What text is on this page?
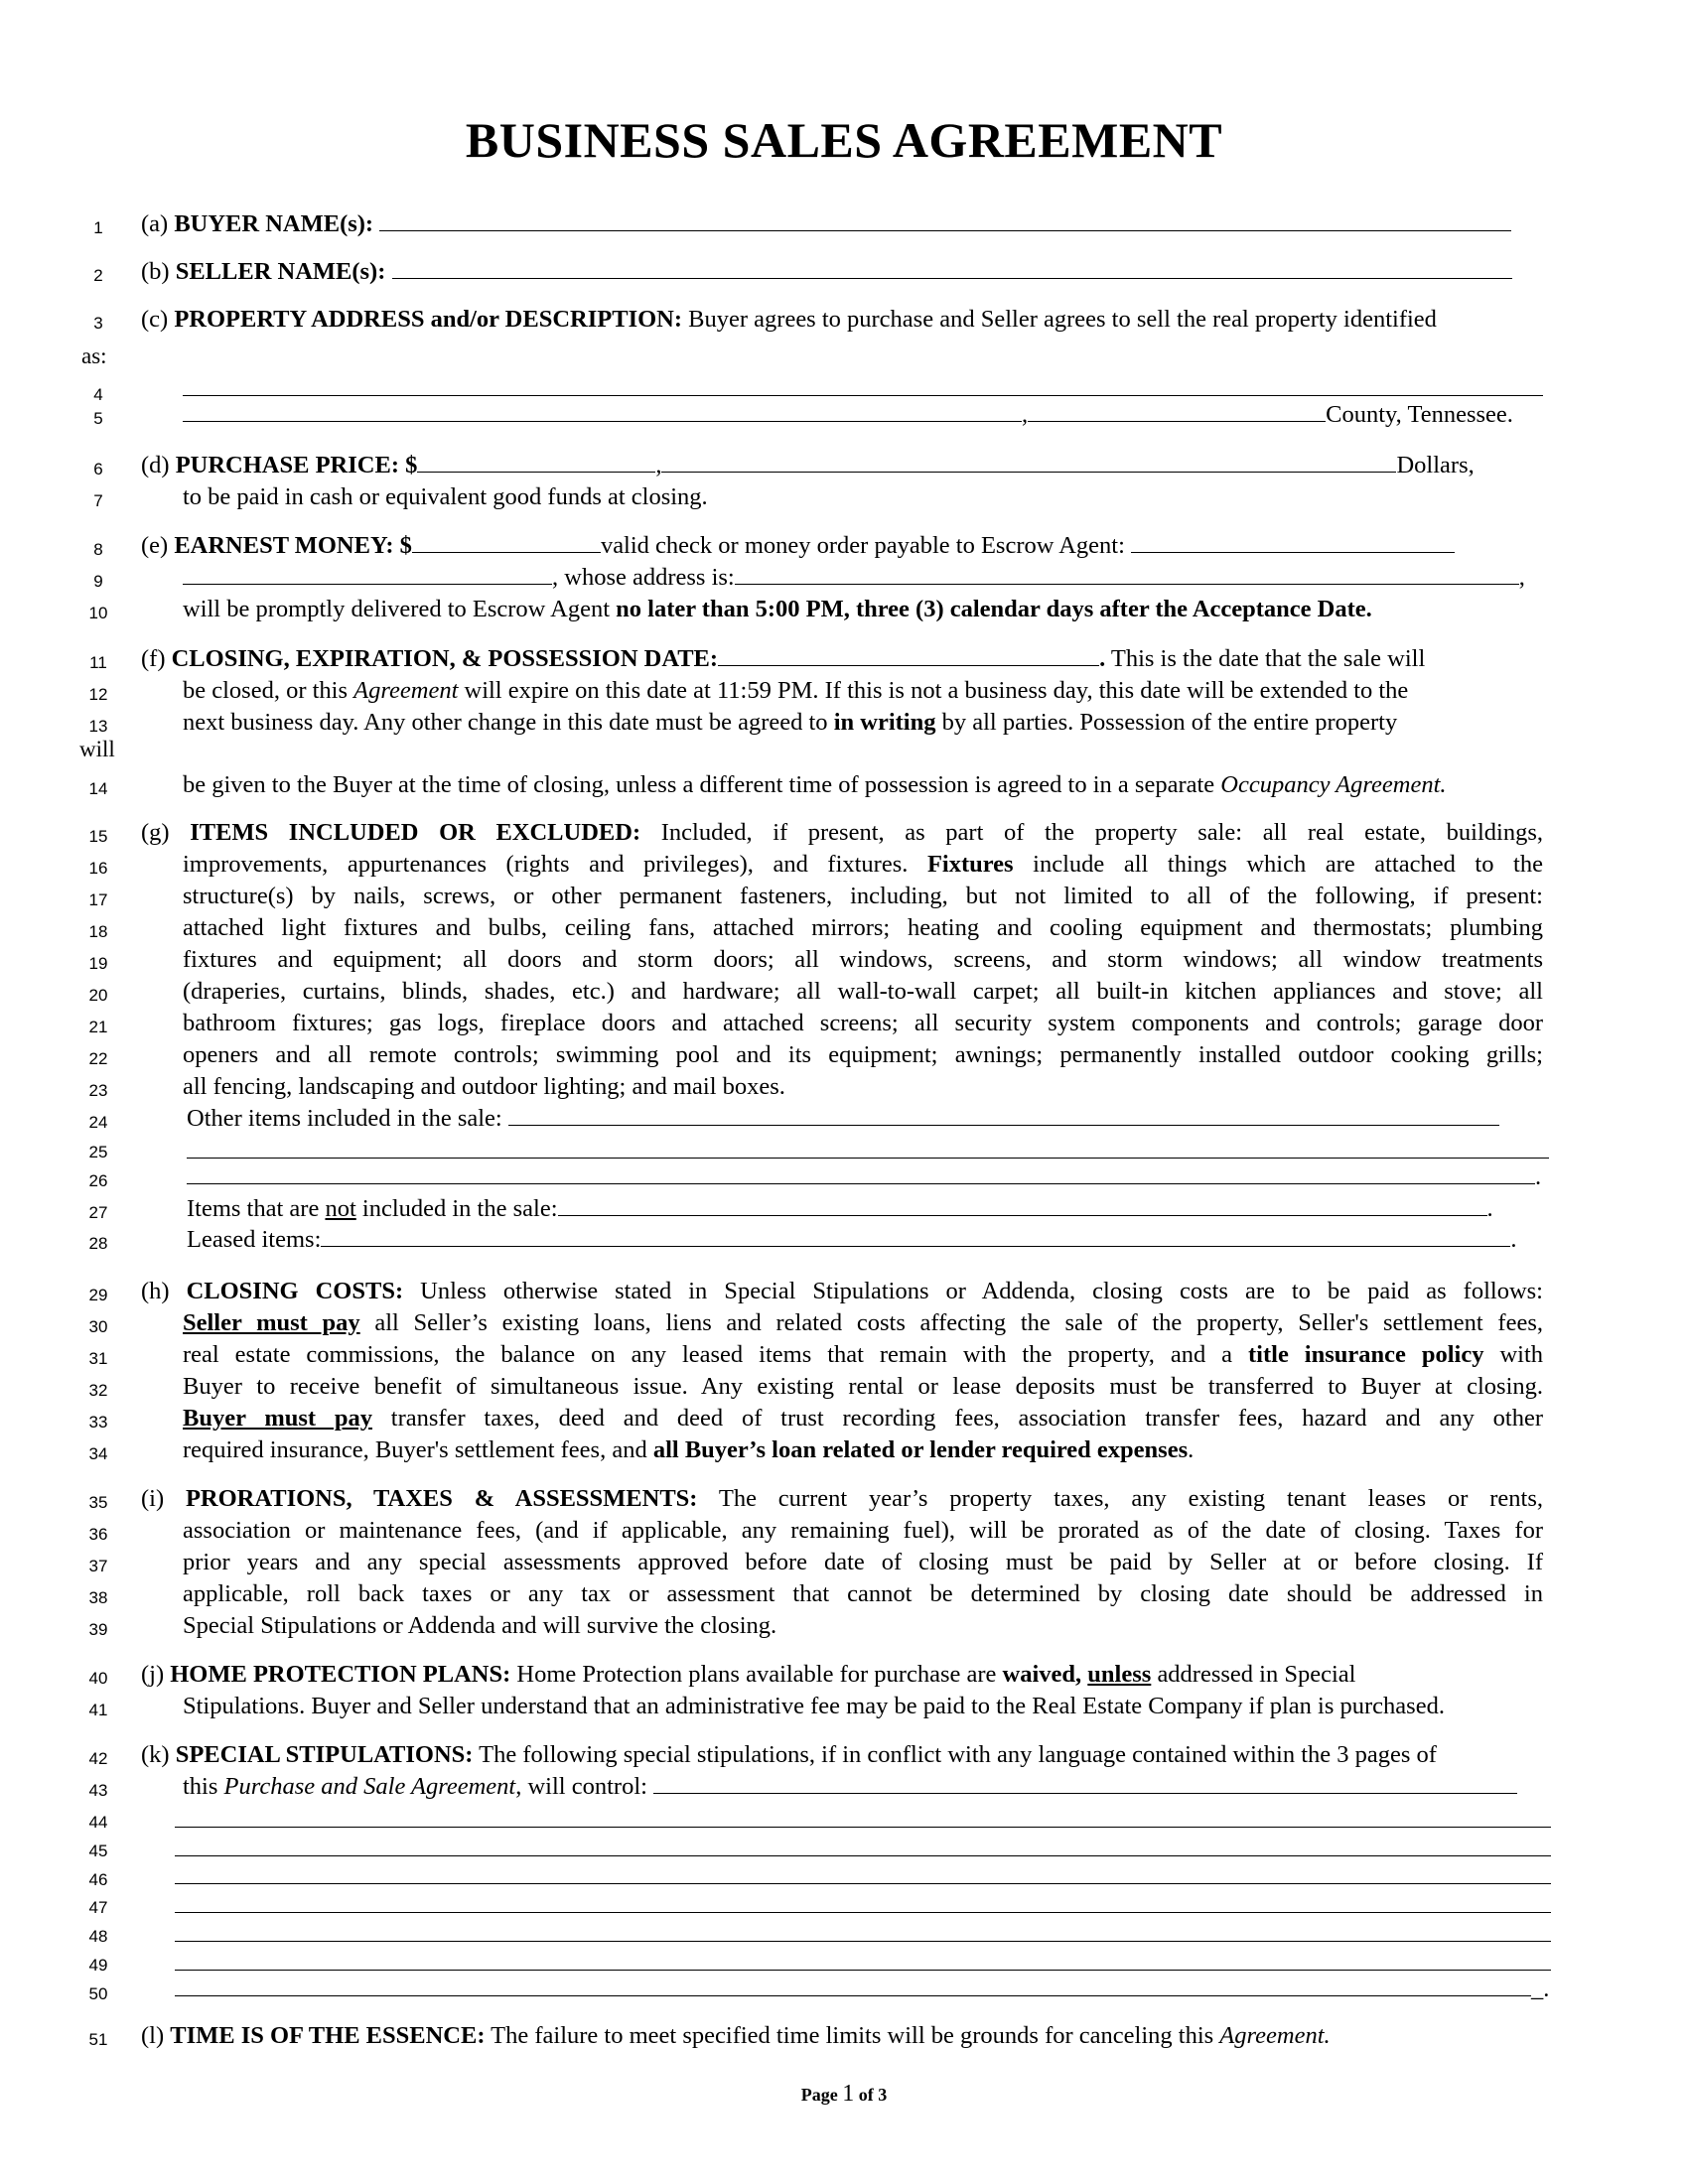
BUSINESS SALES AGREEMENT
1
2
3
4
5
6
7
8
9
10
11
12
13
14
15
16
17
18
19
20
21
22
23
24
25
26
27
28
29
30
31
32
33
34
35
36
37
38
39
40
41
42
43
44
45
46
47
48
49
50
51
as:
will
(a) BUYER NAME(s):
(b) SELLER NAME(s):
(c) PROPERTY ADDRESS and/or DESCRIPTION: Buyer agrees to purchase and Seller agrees to sell the real property identified
,	County, Tennessee.
(d) PURCHASE PRICE: $	,	Dollars,
to be paid in cash or equivalent good funds at closing.
(e) EARNEST MONEY: $	valid check or money order payable to Escrow Agent:
, whose address is:	,
will be promptly delivered to Escrow Agent no later than 5:00 PM, three (3) calendar days after the Acceptance Date.
(f) CLOSING, EXPIRATION, & POSSESSION DATE:	. This is the date that the sale will
be closed, or this Agreement will expire on this date at 11:59 PM. If this is not a business day, this date will be extended to the
next business day. Any other change in this date must be agreed to in writing by all parties. Possession of the entire property
be given to the Buyer at the time of closing, unless a different time of possession is agreed to in a separate Occupancy Agreement.
(g) ITEMS INCLUDED OR EXCLUDED: Included, if present, as part of the property sale: all real estate, buildings,
improvements, appurtenances (rights and privileges), and fixtures. Fixtures include all things which are attached to the
structure(s) by nails, screws, or other permanent fasteners, including, but not limited to all of the following, if present:
attached light fixtures and bulbs, ceiling fans, attached mirrors; heating and cooling equipment and thermostats; plumbing
fixtures and equipment; all doors and storm doors; all windows, screens, and storm windows; all window treatments
(draperies, curtains, blinds, shades, etc.) and hardware; all wall-to-wall carpet; all built-in kitchen appliances and stove; all
bathroom fixtures; gas logs, fireplace doors and attached screens; all security system components and controls; garage door
openers and all remote controls; swimming pool and its equipment; awnings; permanently installed outdoor cooking grills;
all fencing, landscaping and outdoor lighting; and mail boxes.
Other items included in the sale:
.
Items that are not included in the sale:	.
Leased items:	.
(h) CLOSING COSTS: Unless otherwise stated in Special Stipulations or Addenda, closing costs are to be paid as follows:
Seller must pay all Seller’s existing loans, liens and related costs affecting the sale of the property, Seller's settlement fees,
real estate commissions, the balance on any leased items that remain with the property, and a title insurance policy with
Buyer to receive benefit of simultaneous issue. Any existing rental or lease deposits must be transferred to Buyer at closing.
Buyer must pay transfer taxes, deed and deed of trust recording fees, association transfer fees, hazard and any other
required insurance, Buyer's settlement fees, and all Buyer’s loan related or lender required expenses.
(i) PRORATIONS, TAXES & ASSESSMENTS: The current year’s property taxes, any existing tenant leases or rents,
association or maintenance fees, (and if applicable, any remaining fuel), will be prorated as of the date of closing. Taxes for
prior years and any special assessments approved before date of closing must be paid by Seller at or before closing. If
applicable, roll back taxes or any tax or assessment that cannot be determined by closing date should be addressed in
Special Stipulations or Addenda and will survive the closing.
(j) HOME PROTECTION PLANS: Home Protection plans available for purchase are waived, unless addressed in Special
Stipulations. Buyer and Seller understand that an administrative fee may be paid to the Real Estate Company if plan is purchased.
(k) SPECIAL STIPULATIONS: The following special stipulations, if in conflict with any language contained within the 3 pages of
this Purchase and Sale Agreement, will control:
_.
(l) TIME IS OF THE ESSENCE: The failure to meet specified time limits will be grounds for canceling this Agreement.
Page 1 of 3
